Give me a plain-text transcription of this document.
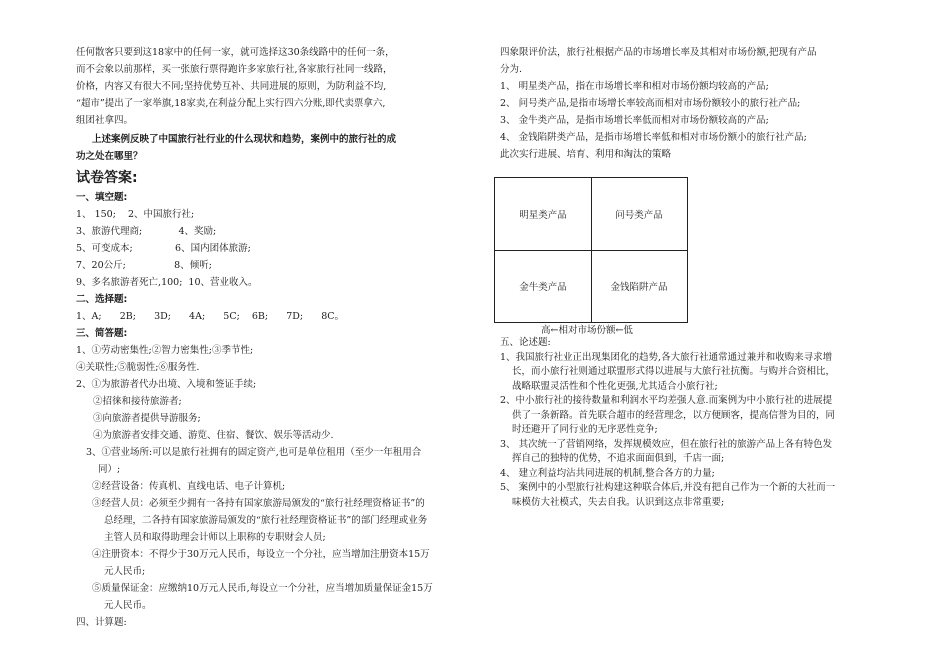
任何散客只要到这18家中的任何一家，就可选择这30条线路中的任何一条，

而不会象以前那样，买一张旅行票得跑许多家旅行社,各家旅行社同一线路，

价格，内容又有很大不同;坚持优势互补、共同进展的原则，为防利益不均,

“超市”提出了一家举旗,18家卖,在利益分配上实行四六分账,即代卖票拿六,

组团社拿四。

上述案例反映了中国旅行社行业的什么现状和趋势，案例中的旅行社的成

功之处在哪里？

试卷答案:

一、填空题:

1、 150;    2、中国旅行社;

3、旅游代理商;            4、奖励;

5、可变成本;              6、国内团体旅游;

7、20公斤;                8、倾听;

9、多名旅游者死亡,100;  10、营业收入。

二、选择题:

1、A;      2B;      3D;      4A;      5C;    6B;      7D;      8C。

三、简答题:

1、①劳动密集性;②智力密集性;③季节性;

④关联性;⑤脆弱性;⑥服务性.

2、①为旅游者代办出境、入境和签证手续;

②招徕和接待旅游者;

③向旅游者提供导游服务;

④为旅游者安排交通、游览、住宿、餐饮、娱乐等活动少.

3、①营业场所:可以是旅行社拥有的固定资产,也可是单位租用（至少一年租用合同）;

②经营设备：传真机、直线电话、电子计算机;

③经营人员：必须至少拥有一各持有国家旅游局颁发的“旅行社经理资格证书”的总经理，二各持有国家旅游局颁发的“旅行社经理资格证书”的部门经理或业务主管人员和取得助理会计师以上职称的专职财会人员;

④注册资本：不得少于30万元人民币，每设立一个分社，应当增加注册资本15万元人民币;

⑤质量保证金：应缴纳10万元人民币,每设立一个分社，应当增加质量保证金15万元人民币。

四、计算题:

四象限评价法，旅行社根据产品的市场增长率及其相对市场份额,把现有产品

分为.

1、 明星类产品，指在市场增长率和相对市场份额均较高的产品;

2、 问号类产品,是指市场增长率较高而相对市场份额较小的旅行社产品;

3、 金牛类产品，是指市场增长率低而相对市场份额较高的产品;

4、 金钱陷阱类产品，是指市场增长率低和相对市场份额小的旅行社产品;

此次实行进展、培育、利用和淘汰的策略

明星类产品	问号类产品
金牛类产品	金钱陷阱产品
高←相对市场份额←低

五、论述题:

1、我国旅行社业正出现集团化的趋势,各大旅行社通常通过兼并和收购来寻求增长，而小旅行社则通过联盟形式得以进展与大旅行社抗衡。与购并合资相比，战略联盟灵活性和个性化更强,尤其适合小旅行社;

2、中小旅行社的接待数量和利润水平均差强人意.而案例为中小旅行社的进展提供了一条新路。首先联合超市的经营理念，以方便顾客，提高信誉为目的，同时还避开了同行业的无序恶性竞争;

3、 其次统一了营销网络，发挥规模效应，但在旅行社的旅游产品上各有特色发挥自己的独特的优势，不追求面面俱到，千店一面;

4、 建立利益均沾共同进展的机制,整合各方的力量;

5、 案例中的小型旅行社构建这种联合体后,并没有把自己作为一个新的大社而一味模仿大社模式，失去自我。认识到这点非常重要;
